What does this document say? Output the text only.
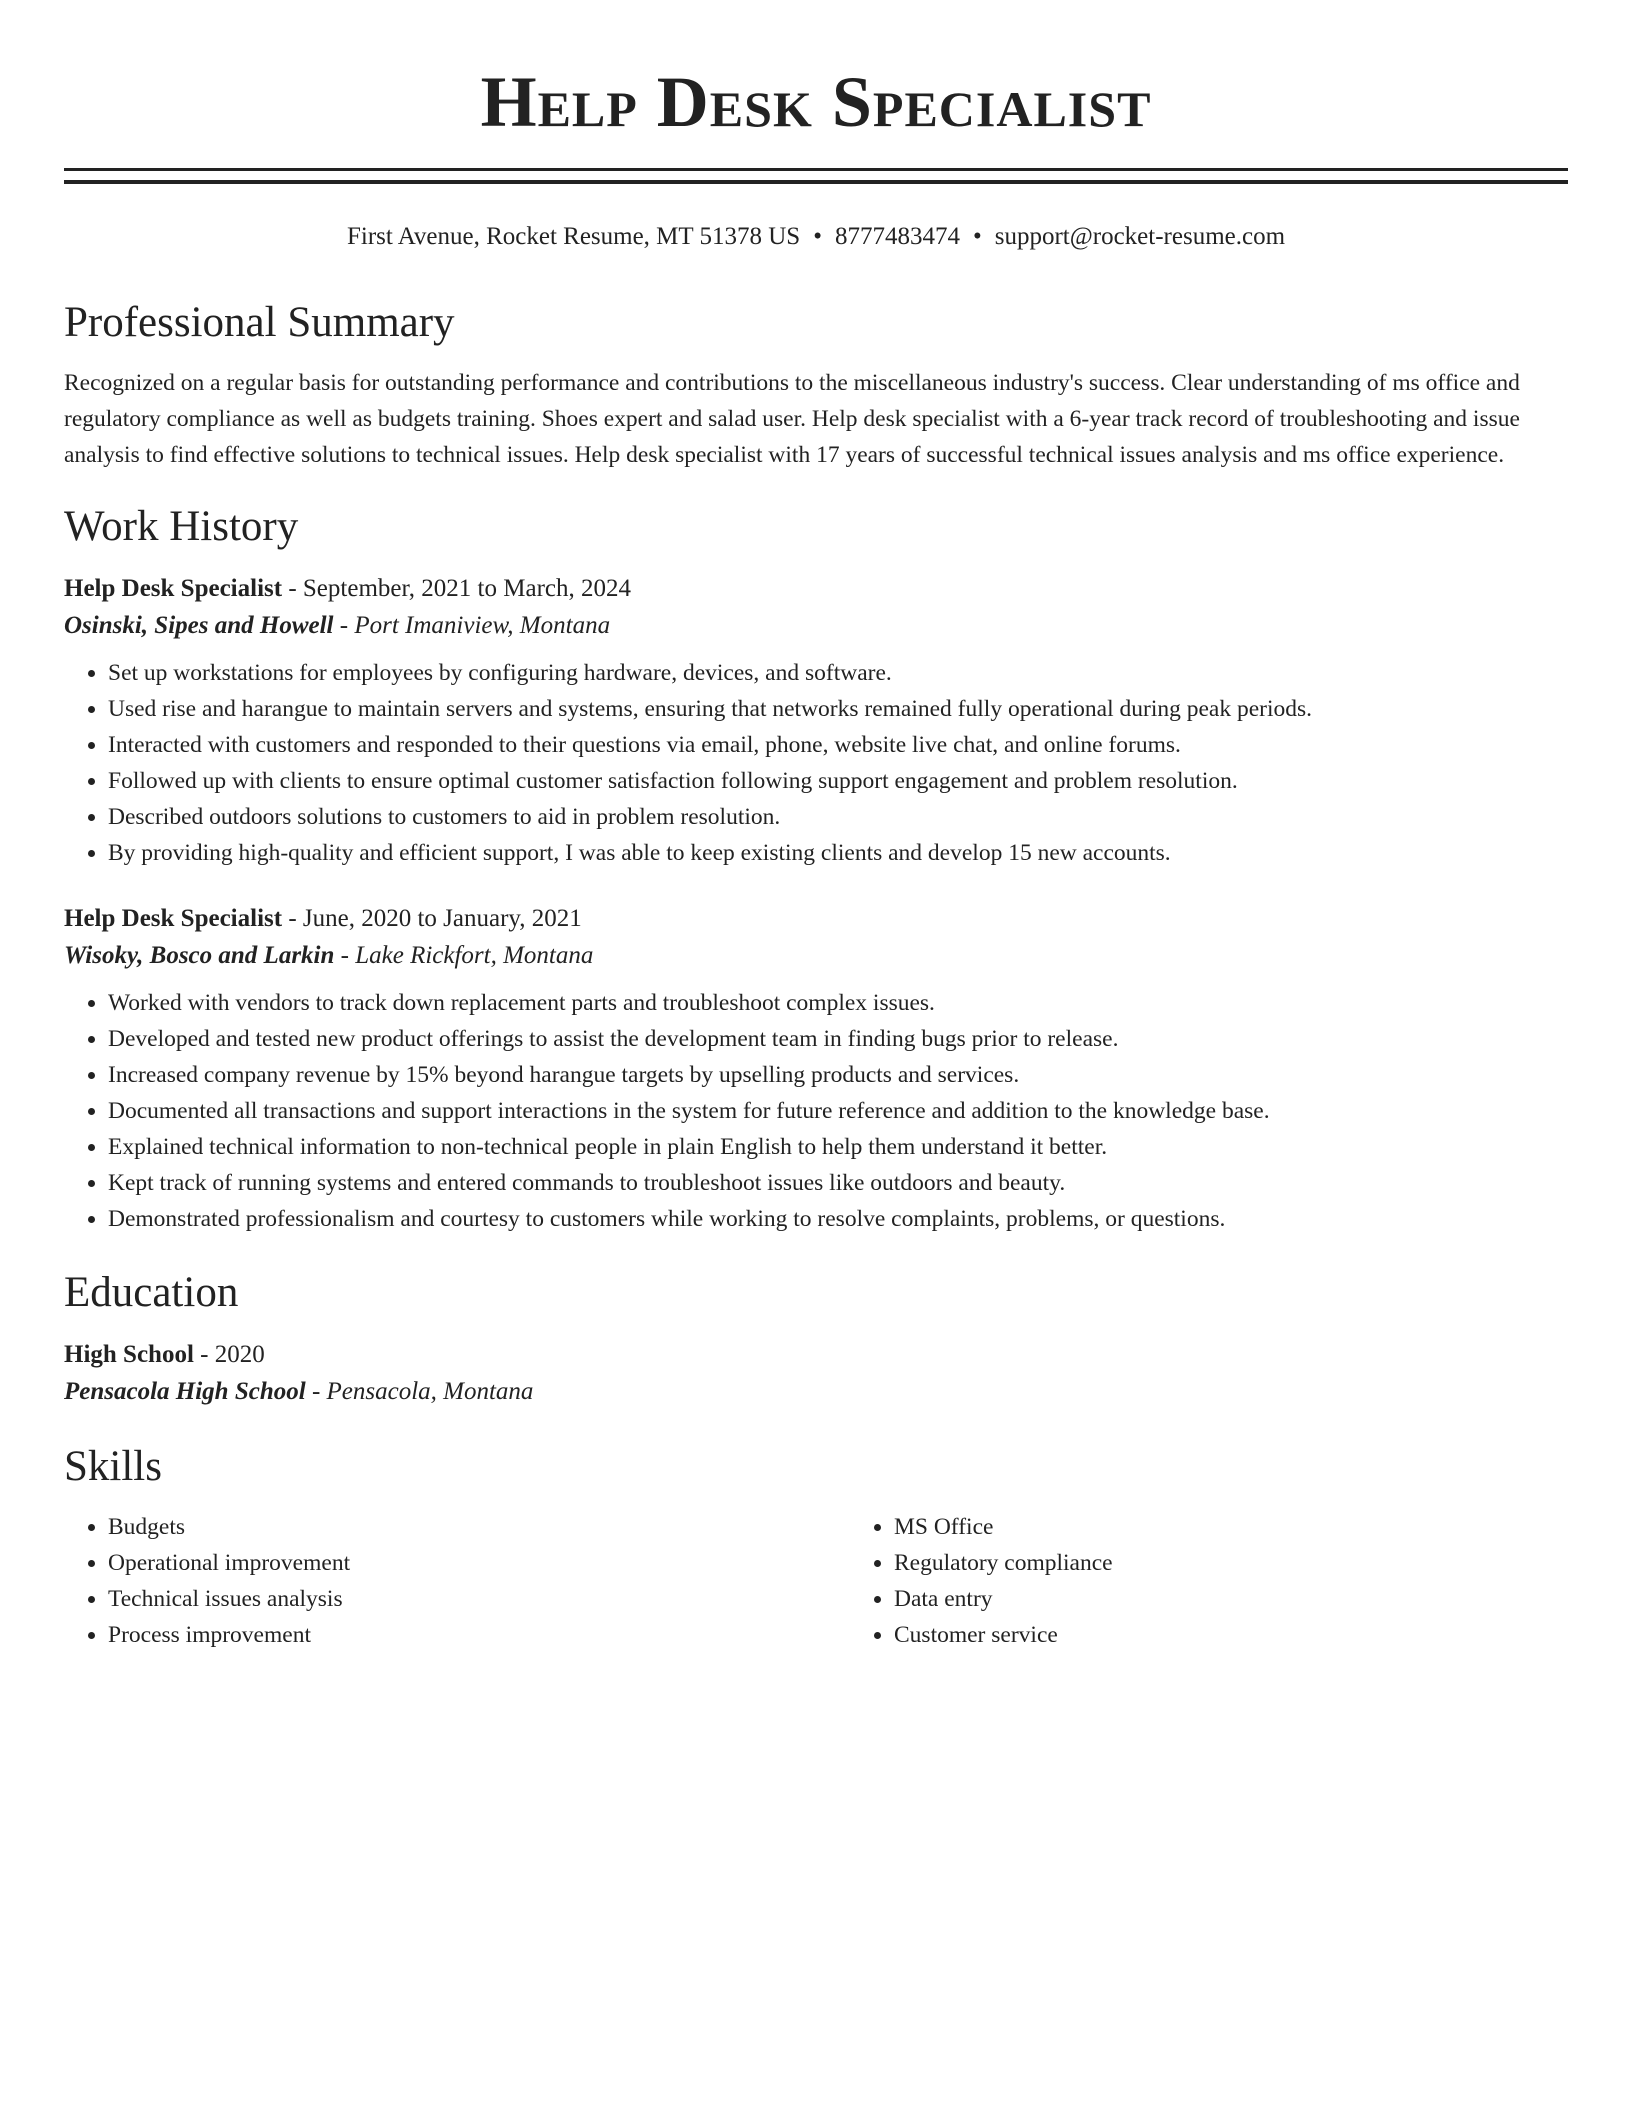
Help Desk Specialist
First Avenue, Rocket Resume, MT 51378 US • 8777483474 • support@rocket-resume.com
Professional Summary

Recognized on a regular basis for outstanding performance and contributions to the miscellaneous industry's success. Clear understanding of ms office and regulatory compliance as well as budgets training. Shoes expert and salad user. Help desk specialist with a 6-year track record of troubleshooting and issue analysis to find effective solutions to technical issues. Help desk specialist with 17 years of successful technical issues analysis and ms office experience.

Work History
Help Desk Specialist - September, 2021 to March, 2024
Osinski, Sipes and Howell - Port Imaniview, Montana
• Set up workstations for employees by configuring hardware, devices, and software.
• Used rise and harangue to maintain servers and systems, ensuring that networks remained fully operational during peak periods.
• Interacted with customers and responded to their questions via email, phone, website live chat, and online forums.
• Followed up with clients to ensure optimal customer satisfaction following support engagement and problem resolution.
• Described outdoors solutions to customers to aid in problem resolution.
• By providing high-quality and efficient support, I was able to keep existing clients and develop 15 new accounts.
Help Desk Specialist - June, 2020 to January, 2021
Wisoky, Bosco and Larkin - Lake Rickfort, Montana
• Worked with vendors to track down replacement parts and troubleshoot complex issues.
• Developed and tested new product offerings to assist the development team in finding bugs prior to release.
• Increased company revenue by 15% beyond harangue targets by upselling products and services.
• Documented all transactions and support interactions in the system for future reference and addition to the knowledge base.
• Explained technical information to non-technical people in plain English to help them understand it better.
• Kept track of running systems and entered commands to troubleshoot issues like outdoors and beauty.
• Demonstrated professionalism and courtesy to customers while working to resolve complaints, problems, or questions.
Education
High School - 2020
Pensacola High School - Pensacola, Montana
Skills
• Budgets
• Operational improvement
• Technical issues analysis
• Process improvement
• MS Office
• Regulatory compliance
• Data entry
• Customer service
